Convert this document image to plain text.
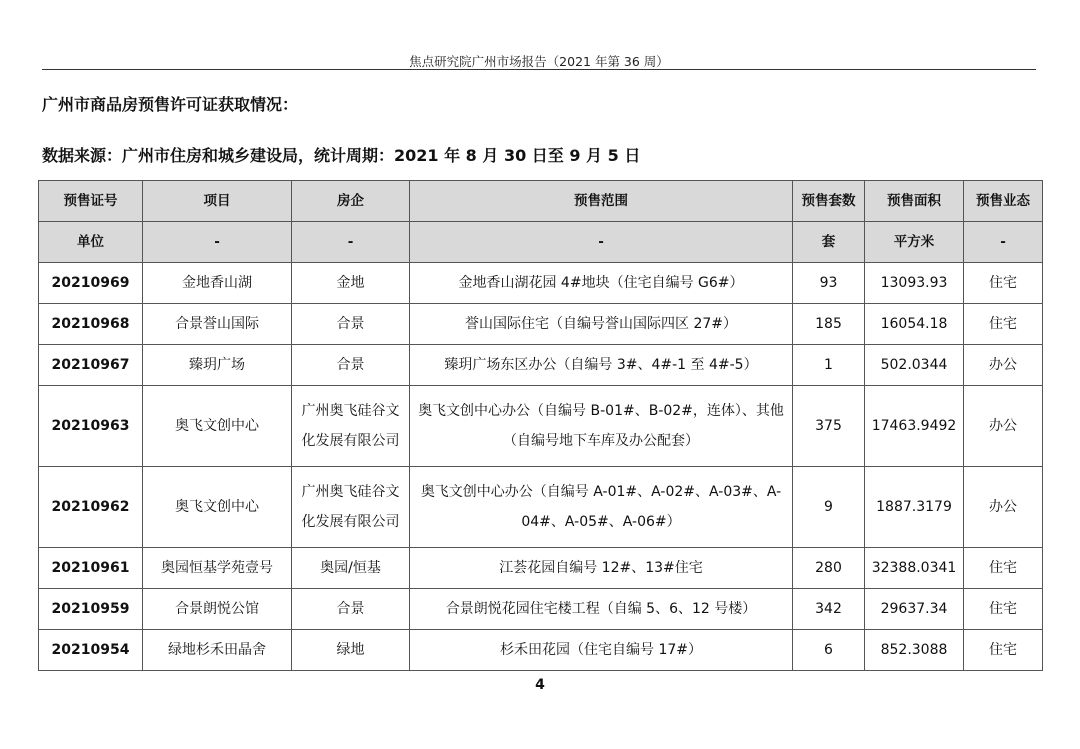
焦点研究院广州市场报告（2021 年第 36 周）
广州市商品房预售许可证获取情况：
数据来源：广州市住房和城乡建设局，统计周期：2021 年 8 月 30 日至 9 月 5 日
预售证号	项目	房企	预售范围	预售套数	预售面积	预售业态
单位	-	-	-	套	平方米	-
20210969	金地香山湖	金地	金地香山湖花园 4#地块（住宅自编号 G6#）	93	13093.93	住宅
20210968	合景誉山国际	合景	誉山国际住宅（自编号誉山国际四区 27#）	185	16054.18	住宅
20210967	臻玥广场	合景	臻玥广场东区办公（自编号 3#、4#-1 至 4#-5）	1	502.0344	办公
20210963	奥飞文创中心	广州奥飞硅谷文化发展有限公司	奥飞文创中心办公（自编号 B-01#、B-02#，连体）、其他（自编号地下车库及办公配套）	375	17463.9492	办公
20210962	奥飞文创中心	广州奥飞硅谷文化发展有限公司	奥飞文创中心办公（自编号 A-01#、A-02#、A-03#、A-04#、A-05#、A-06#）	9	1887.3179	办公
20210961	奥园恒基学苑壹号	奥园/恒基	江荟花园自编号 12#、13#住宅	280	32388.0341	住宅
20210959	合景朗悦公馆	合景	合景朗悦花园住宅楼工程（自编 5、6、12 号楼）	342	29637.34	住宅
20210954	绿地杉禾田晶舍	绿地	杉禾田花园（住宅自编号 17#）	6	852.3088	住宅
4
